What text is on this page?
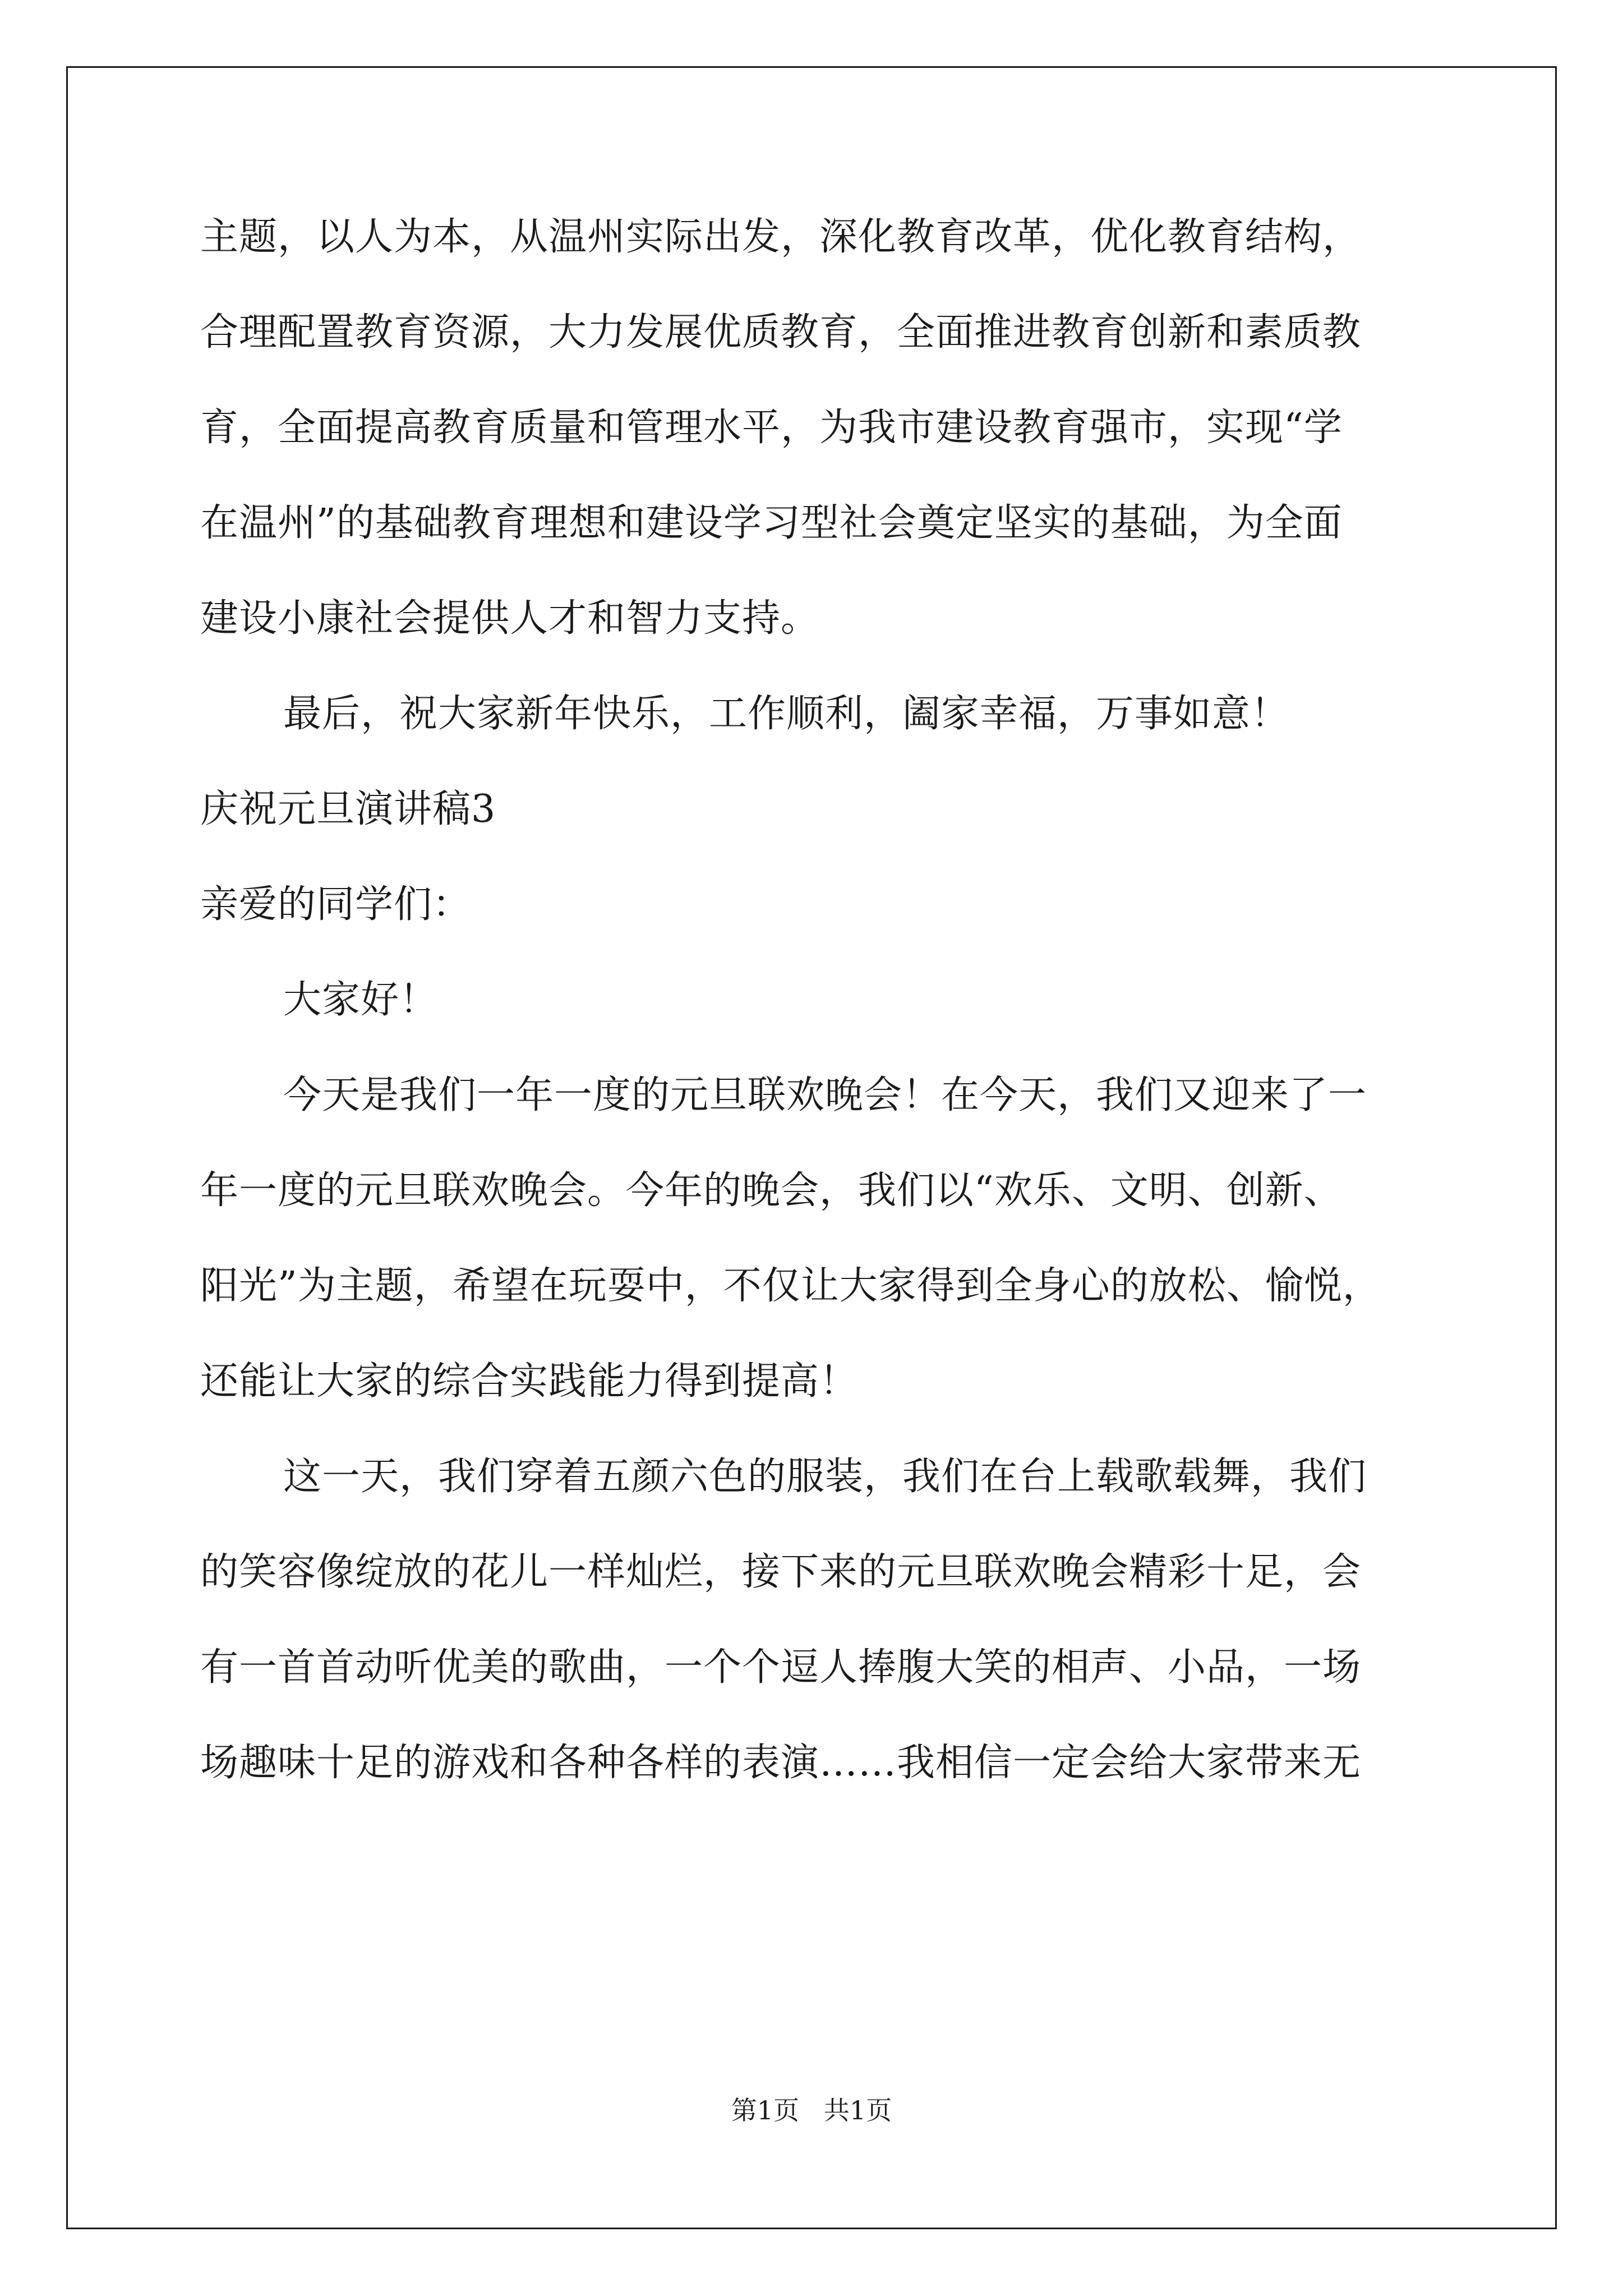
主题，以人为本，从温州实际出发，深化教育改革，优化教育结构，
合理配置教育资源，大力发展优质教育，全面推进教育创新和素质教
育，全面提高教育质量和管理水平，为我市建设教育强市，实现“学
在温州”的基础教育理想和建设学习型社会奠定坚实的基础，为全面
建设小康社会提供人才和智力支持。
最后，祝大家新年快乐，工作顺利，阖家幸福，万事如意！
庆祝元旦演讲稿3
亲爱的同学们：
大家好！
今天是我们一年一度的元旦联欢晚会！在今天，我们又迎来了一
年一度的元旦联欢晚会。今年的晚会，我们以“欢乐、文明、创新、
阳光”为主题，希望在玩耍中，不仅让大家得到全身心的放松、愉悦，
还能让大家的综合实践能力得到提高！
这一天，我们穿着五颜六色的服装，我们在台上载歌载舞，我们
的笑容像绽放的花儿一样灿烂，接下来的元旦联欢晚会精彩十足，会
有一首首动听优美的歌曲，一个个逗人捧腹大笑的相声、小品，一场
场趣味十足的游戏和各种各样的表演……我相信一定会给大家带来无
第1页   共1页
